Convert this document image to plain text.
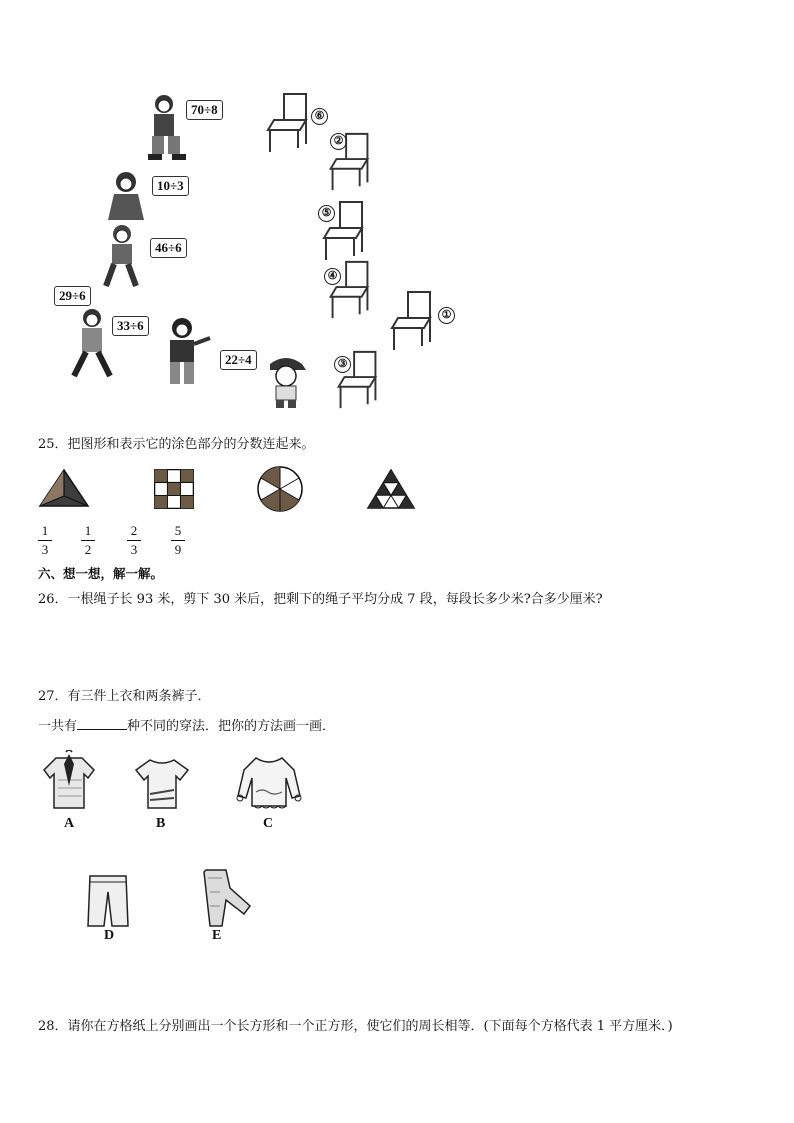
70÷8
10÷3
46÷6
29÷6
33÷6
22÷4
⑥
②
⑤
④
①
③
25．把图形和表示它的涂色部分的分数连起来。
1
3
1
2
2
3
5
9
六、想一想，解一解。
26．一根绳子长 93 米，剪下 30 米后，把剩下的绳子平均分成 7 段，每段长多少米?合多少厘米?
27．有三件上衣和两条裤子．
一共有	种不同的穿法．把你的方法画一画．
A	B	C
D	E
28．请你在方格纸上分别画出一个长方形和一个正方形，使它们的周长相等．(下面每个方格代表 1 平方厘米．)
